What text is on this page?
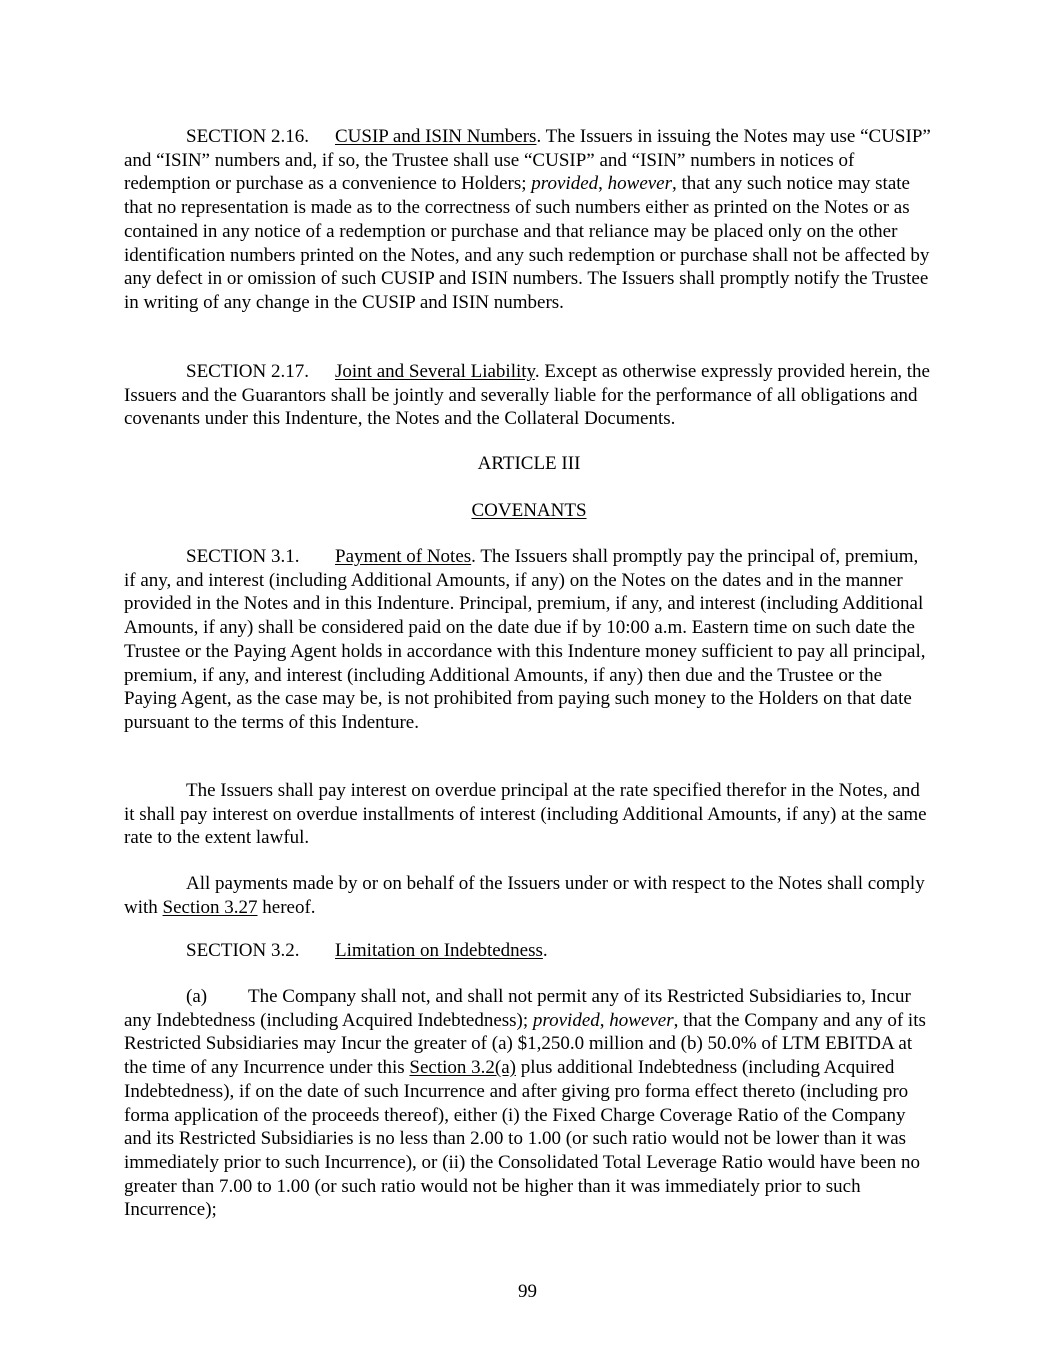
SECTION 2.16. CUSIP and ISIN Numbers. The Issuers in issuing the Notes may use “CUSIP” and “ISIN” numbers and, if so, the Trustee shall use “CUSIP” and “ISIN” numbers in notices of redemption or purchase as a convenience to Holders; provided, however, that any such notice may state that no representation is made as to the correctness of such numbers either as printed on the Notes or as contained in any notice of a redemption or purchase and that reliance may be placed only on the other identification numbers printed on the Notes, and any such redemption or purchase shall not be affected by any defect in or omission of such CUSIP and ISIN numbers. The Issuers shall promptly notify the Trustee in writing of any change in the CUSIP and ISIN numbers.

SECTION 2.17. Joint and Several Liability. Except as otherwise expressly provided herein, the Issuers and the Guarantors shall be jointly and severally liable for the performance of all obligations and covenants under this Indenture, the Notes and the Collateral Documents.

ARTICLE III

COVENANTS

SECTION 3.1. Payment of Notes. The Issuers shall promptly pay the principal of, premium, if any, and interest (including Additional Amounts, if any) on the Notes on the dates and in the manner provided in the Notes and in this Indenture. Principal, premium, if any, and interest (including Additional Amounts, if any) shall be considered paid on the date due if by 10:00 a.m. Eastern time on such date the Trustee or the Paying Agent holds in accordance with this Indenture money sufficient to pay all principal, premium, if any, and interest (including Additional Amounts, if any) then due and the Trustee or the Paying Agent, as the case may be, is not prohibited from paying such money to the Holders on that date pursuant to the terms of this Indenture.

The Issuers shall pay interest on overdue principal at the rate specified therefor in the Notes, and it shall pay interest on overdue installments of interest (including Additional Amounts, if any) at the same rate to the extent lawful.

All payments made by or on behalf of the Issuers under or with respect to the Notes shall comply with Section 3.27 hereof.

SECTION 3.2. Limitation on Indebtedness.

(a) The Company shall not, and shall not permit any of its Restricted Subsidiaries to, Incur any Indebtedness (including Acquired Indebtedness); provided, however, that the Company and any of its Restricted Subsidiaries may Incur the greater of (a) $1,250.0 million and (b) 50.0% of LTM EBITDA at the time of any Incurrence under this Section 3.2(a) plus additional Indebtedness (including Acquired Indebtedness), if on the date of such Incurrence and after giving pro forma effect thereto (including pro forma application of the proceeds thereof), either (i) the Fixed Charge Coverage Ratio of the Company and its Restricted Subsidiaries is no less than 2.00 to 1.00 (or such ratio would not be lower than it was immediately prior to such Incurrence), or (ii) the Consolidated Total Leverage Ratio would have been no greater than 7.00 to 1.00 (or such ratio would not be higher than it was immediately prior to such Incurrence);

99
